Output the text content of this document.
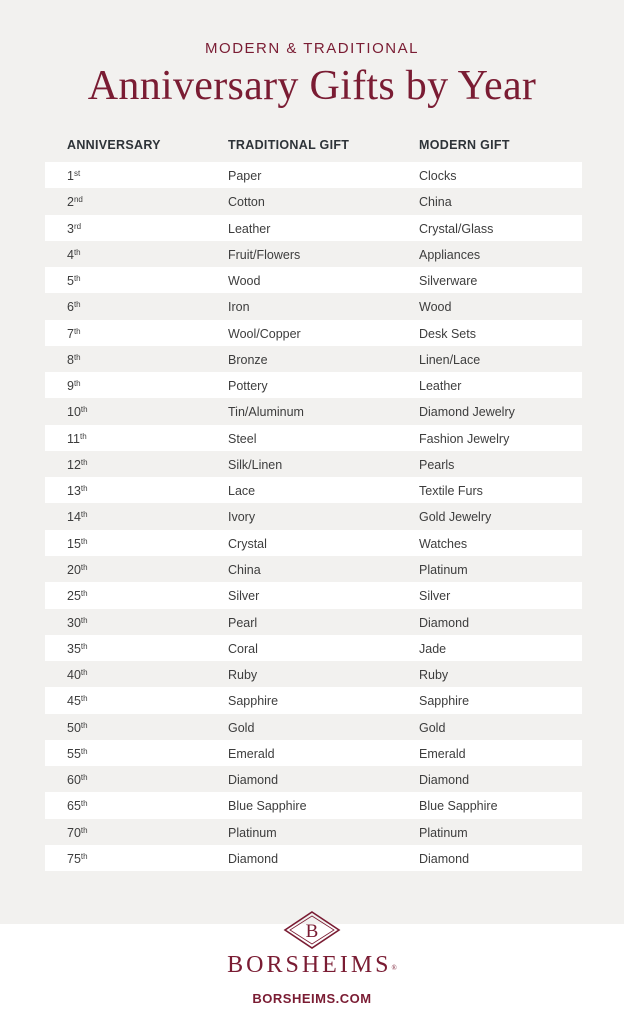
MODERN & TRADITIONAL
Anniversary Gifts by Year
ANNIVERSARY	TRADITIONAL GIFT	MODERN GIFT
1st	Paper	Clocks
2nd	Cotton	China
3rd	Leather	Crystal/Glass
4th	Fruit/Flowers	Appliances
5th	Wood	Silverware
6th	Iron	Wood
7th	Wool/Copper	Desk Sets
8th	Bronze	Linen/Lace
9th	Pottery	Leather
10th	Tin/Aluminum	Diamond Jewelry
11th	Steel	Fashion Jewelry
12th	Silk/Linen	Pearls
13th	Lace	Textile Furs
14th	Ivory	Gold Jewelry
15th	Crystal	Watches
20th	China	Platinum
25th	Silver	Silver
30th	Pearl	Diamond
35th	Coral	Jade
40th	Ruby	Ruby
45th	Sapphire	Sapphire
50th	Gold	Gold
55th	Emerald	Emerald
60th	Diamond	Diamond
65th	Blue Sapphire	Blue Sapphire
70th	Platinum	Platinum
75th	Diamond	Diamond
B
BORSHEIMS®
BORSHEIMS.COM
